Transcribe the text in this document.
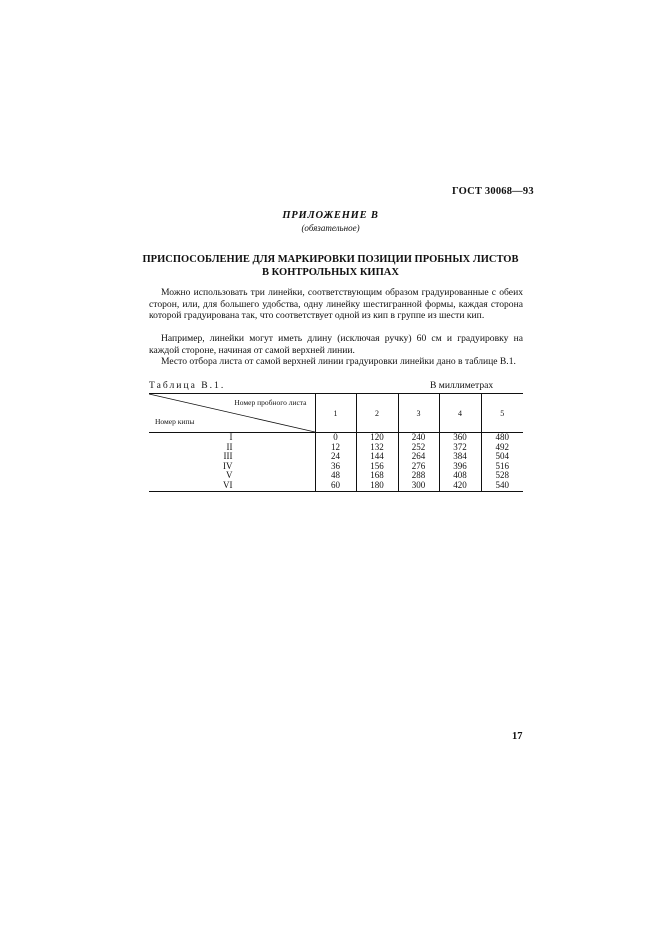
ГОСТ 30068—93
ПРИЛОЖЕНИЕ В
(обязательное)
ПРИСПОСОБЛЕНИЕ ДЛЯ МАРКИРОВКИ ПОЗИЦИИ ПРОБНЫХ ЛИСТОВ
В КОНТРОЛЬНЫХ КИПАХ
Можно использовать три линейки, соответствующим образом градуированные с обеих сторон, или, для большего удобства, одну линейку шестигранной формы, каждая сторона которой градуирована так, что соответствует одной из кип в группе из шести кип.
Например, линейки могут иметь длину (исключая ручку) 60 см и градуировку на каждой стороне, начиная от самой верхней линии.
Место отбора листа от самой верхней линии градуировки линейки дано в таблице В.1.
Таблица В.1.	В миллиметрах
Номер пробного листа
Номер кипы	1	2	3	4	5
I	0	120	240	360	480
II	12	132	252	372	492
III	24	144	264	384	504
IV	36	156	276	396	516
V	48	168	288	408	528
VI	60	180	300	420	540
17
